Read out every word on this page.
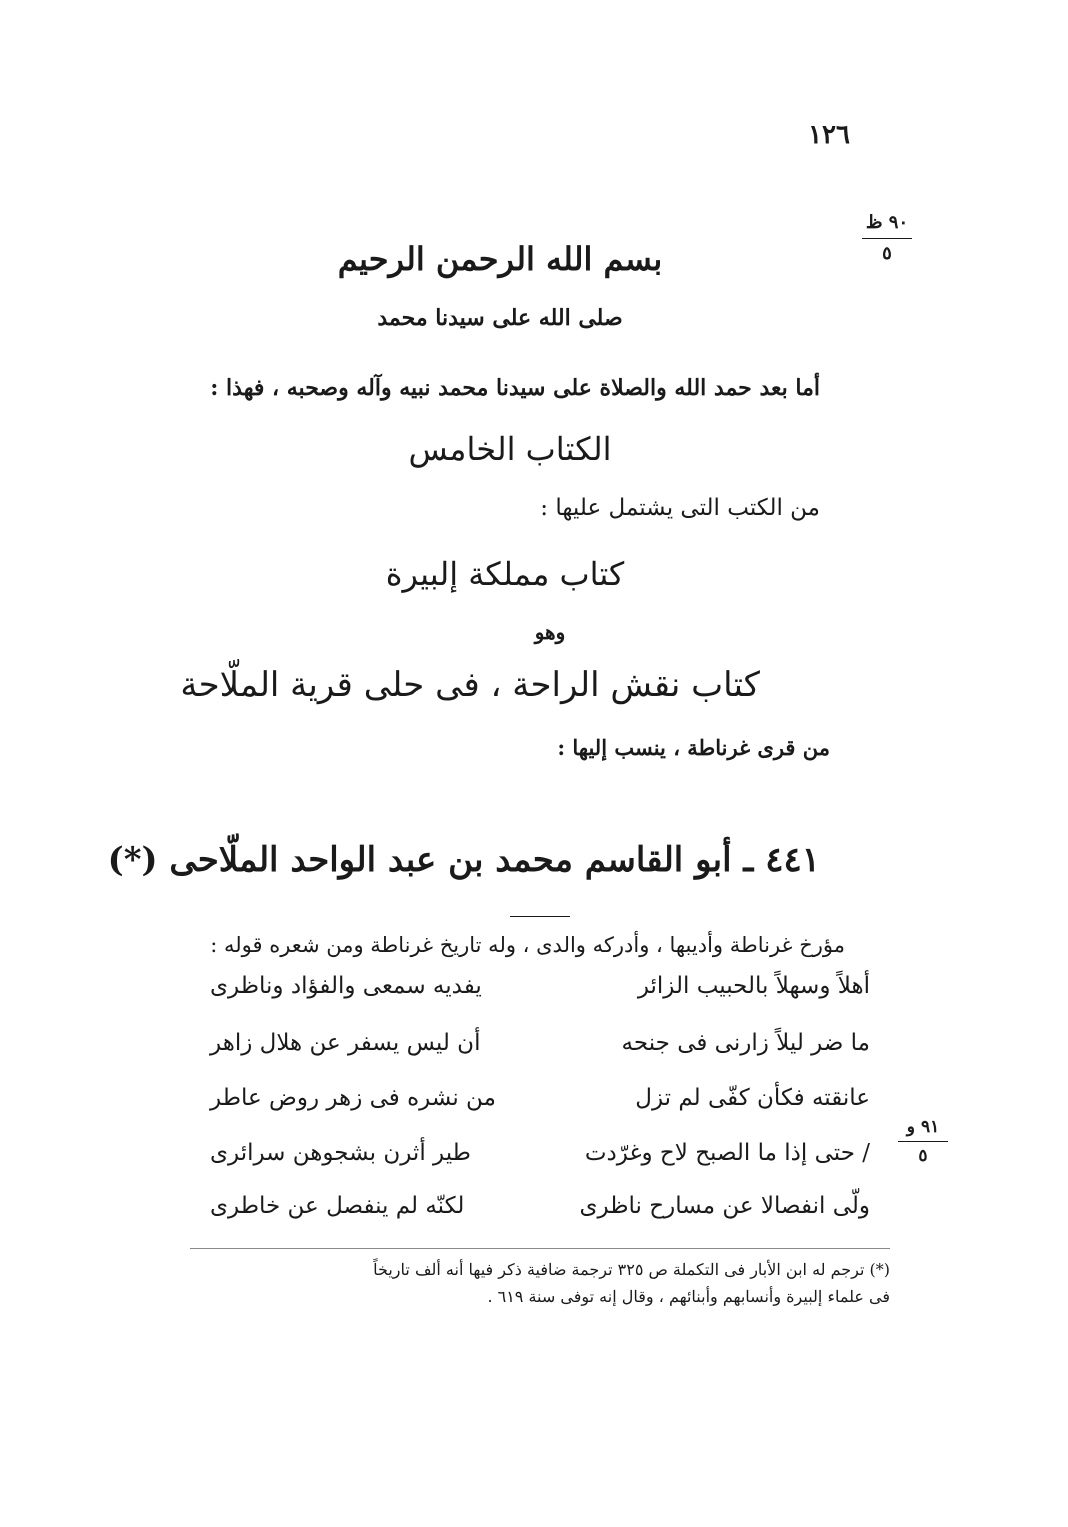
١٢٦
٩٠ ظ
٥
بسم الله الرحمن الرحيم
صلى الله على سيدنا محمد
أما بعد حمد الله والصلاة على سيدنا محمد نبيه وآله وصحبه ، فهذا :
الكتاب الخامس
من الكتب التى يشتمل عليها :
كتاب مملكة إلبيرة
وهو
كتاب نقش الراحة ، فى حلى قرية الملّاحة
من قرى غرناطة ، ينسب إليها :
٤٤١ ـ أبو القاسم محمد بن عبد الواحد الملّاحى (*)
مؤرخ غرناطة وأديبها ، وأدركه والدى ، وله تاريخ غرناطة ومن شعره قوله :
أهلاً وسهلاً بالحبيب الزائر
يفديه سمعى والفؤاد وناظرى
ما ضر ليلاً زارنى فى جنحه
أن ليس يسفر عن هلال زاهر
عانقته فكأن كفّى لم تزل
من نشره فى زهر روض عاطر
/ حتى إذا ما الصبح لاح وغرّدت
طير أثرن بشجوهن سرائرى
ولّى انفصالا عن مسارح ناظرى
لكنّه لم ينفصل عن خاطرى
٩١ و
٥
(*) ترجم له ابن الأبار فى التكملة ص ٣٢٥ ترجمة ضافية ذكر فيها أنه ألف تاريخاً
فى علماء إلبيرة وأنسابهم وأبنائهم ، وقال إنه توفى سنة ٦١٩ .
